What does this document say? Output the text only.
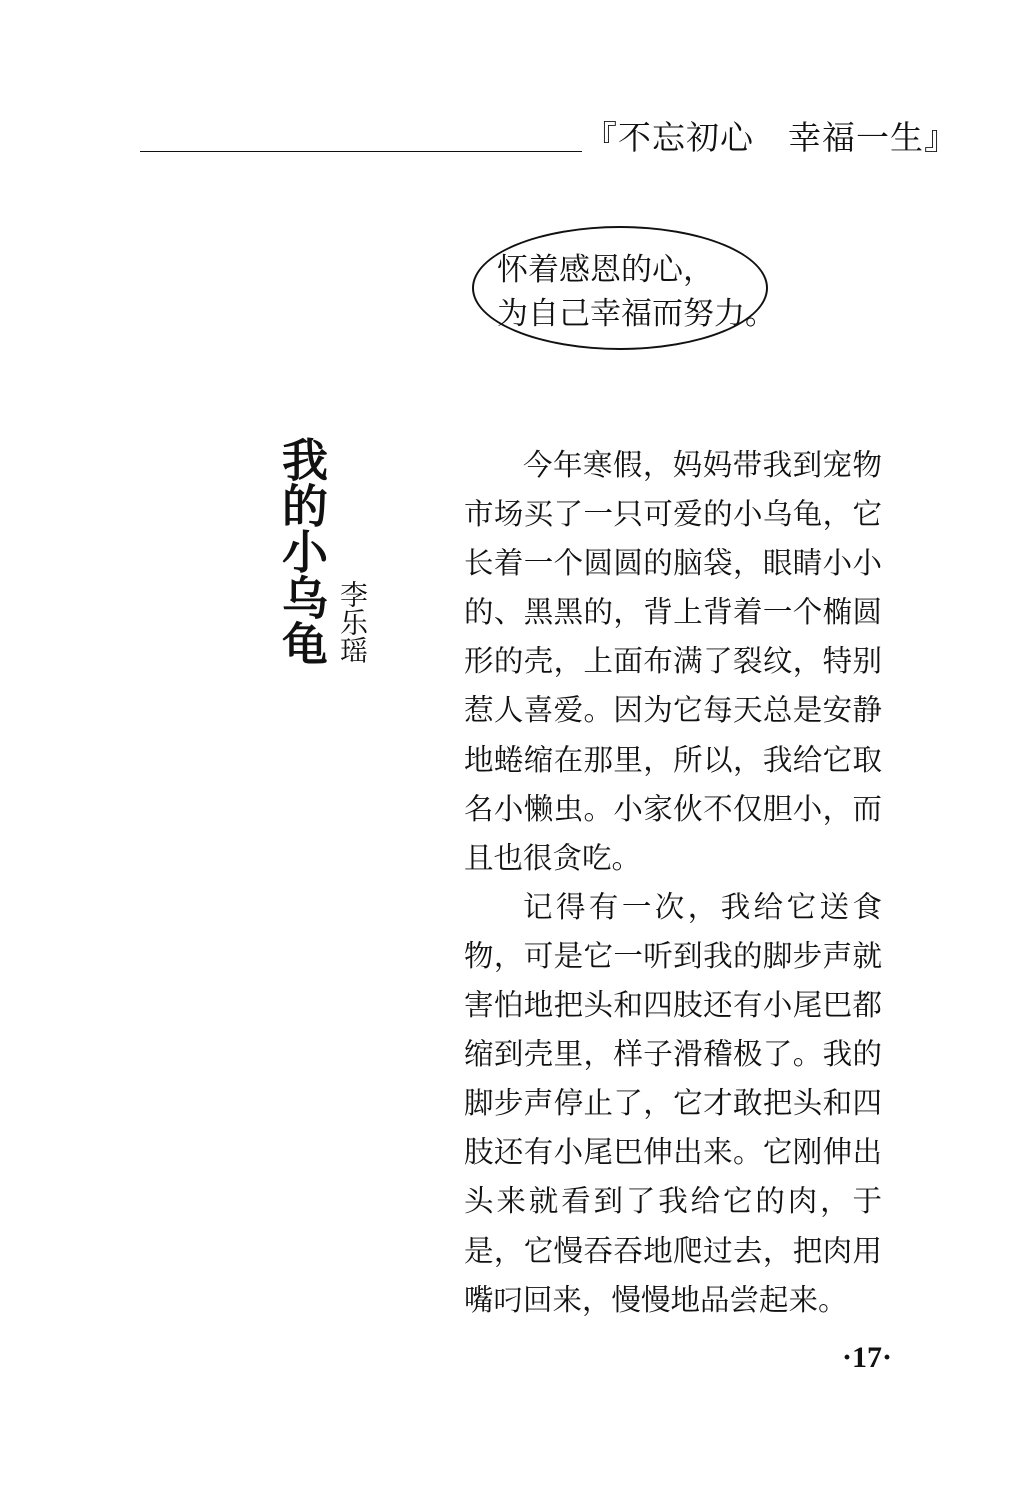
『不忘初心　幸福一生』
怀着感恩的心，
为自己幸福而努力。
我的小乌龟 李乐瑶

今年寒假，妈妈带我到宠物市场买了一只可爱的小乌龟，它长着一个圆圆的脑袋，眼睛小小的、黑黑的，背上背着一个椭圆形的壳，上面布满了裂纹，特别惹人喜爱。因为它每天总是安静地蜷缩在那里，所以，我给它取名小懒虫。小家伙不仅胆小，而且也很贪吃。

记得有一次，我给它送食物，可是它一听到我的脚步声就害怕地把头和四肢还有小尾巴都缩到壳里，样子滑稽极了。我的脚步声停止了，它才敢把头和四肢还有小尾巴伸出来。它刚伸出头来就看到了我给它的肉，于是，它慢吞吞地爬过去，把肉用嘴叼回来，慢慢地品尝起来。

·17·
